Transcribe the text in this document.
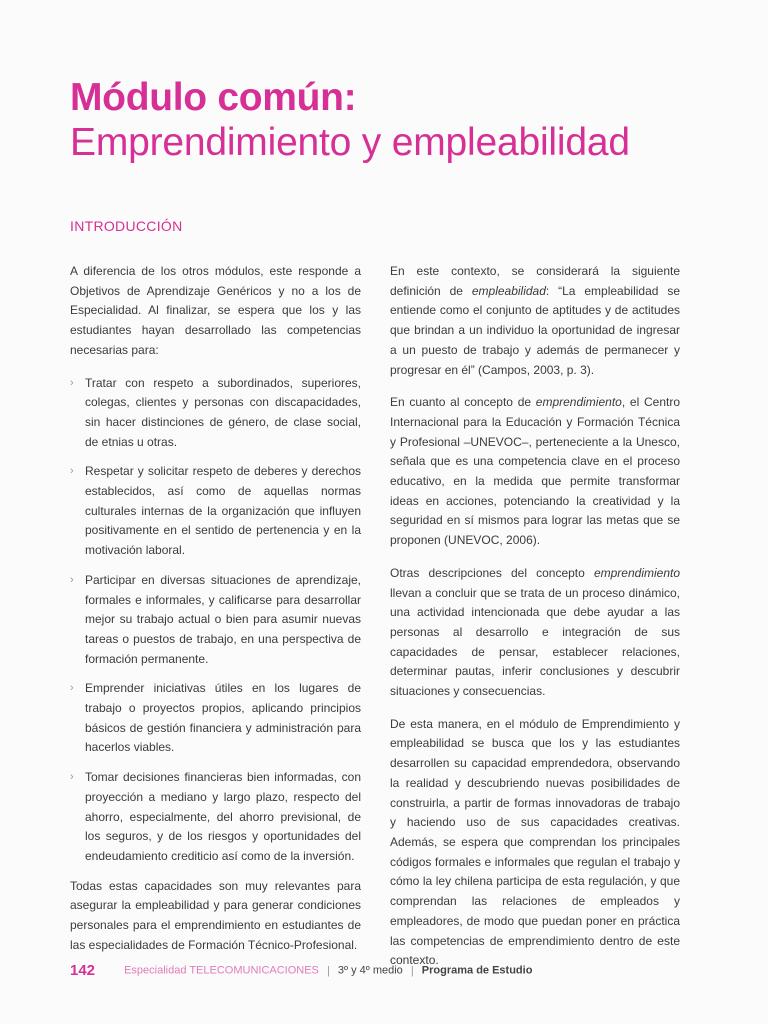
Módulo común:
Emprendimiento y empleabilidad
INTRODUCCIÓN

A diferencia de los otros módulos, este responde a Objetivos de Aprendizaje Genéricos y no a los de Especialidad. Al finalizar, se espera que los y las estudiantes hayan desarrollado las competencias necesarias para:

› Tratar con respeto a subordinados, superiores, colegas, clientes y personas con discapacidades, sin hacer distinciones de género, de clase social, de etnias u otras.
› Respetar y solicitar respeto de deberes y derechos establecidos, así como de aquellas normas culturales internas de la organización que influyen positivamente en el sentido de pertenencia y en la motivación laboral.
› Participar en diversas situaciones de aprendizaje, formales e informales, y calificarse para desarrollar mejor su trabajo actual o bien para asumir nuevas tareas o puestos de trabajo, en una perspectiva de formación permanente.
› Emprender iniciativas útiles en los lugares de trabajo o proyectos propios, aplicando principios básicos de gestión financiera y administración para hacerlos viables.
› Tomar decisiones financieras bien informadas, con proyección a mediano y largo plazo, respecto del ahorro, especialmente, del ahorro previsional, de los seguros, y de los riesgos y oportunidades del endeudamiento crediticio así como de la inversión.

Todas estas capacidades son muy relevantes para asegurar la empleabilidad y para generar condiciones personales para el emprendimiento en estudiantes de las especialidades de Formación Técnico-Profesional.

En este contexto, se considerará la siguiente definición de empleabilidad: “La empleabilidad se entiende como el conjunto de aptitudes y de actitudes que brindan a un individuo la oportunidad de ingresar a un puesto de trabajo y además de permanecer y progresar en él” (Campos, 2003, p. 3).

En cuanto al concepto de emprendimiento, el Centro Internacional para la Educación y Formación Técnica y Profesional –UNEVOC–, perteneciente a la Unesco, señala que es una competencia clave en el proceso educativo, en la medida que permite transformar ideas en acciones, potenciando la creatividad y la seguridad en sí mismos para lograr las metas que se proponen (UNEVOC, 2006).

Otras descripciones del concepto emprendimiento llevan a concluir que se trata de un proceso dinámico, una actividad intencionada que debe ayudar a las personas al desarrollo e integración de sus capacidades de pensar, establecer relaciones, determinar pautas, inferir conclusiones y descubrir situaciones y consecuencias.

De esta manera, en el módulo de Emprendimiento y empleabilidad se busca que los y las estudiantes desarrollen su capacidad emprendedora, observando la realidad y descubriendo nuevas posibilidades de construirla, a partir de formas innovadoras de trabajo y haciendo uso de sus capacidades creativas. Además, se espera que comprendan los principales códigos formales e informales que regulan el trabajo y cómo la ley chilena participa de esta regulación, y que comprendan las relaciones de empleados y empleadores, de modo que puedan poner en práctica las competencias de emprendimiento dentro de este contexto.

142	Especialidad TELECOMUNICACIONES | 3º y 4º medio | Programa de Estudio
